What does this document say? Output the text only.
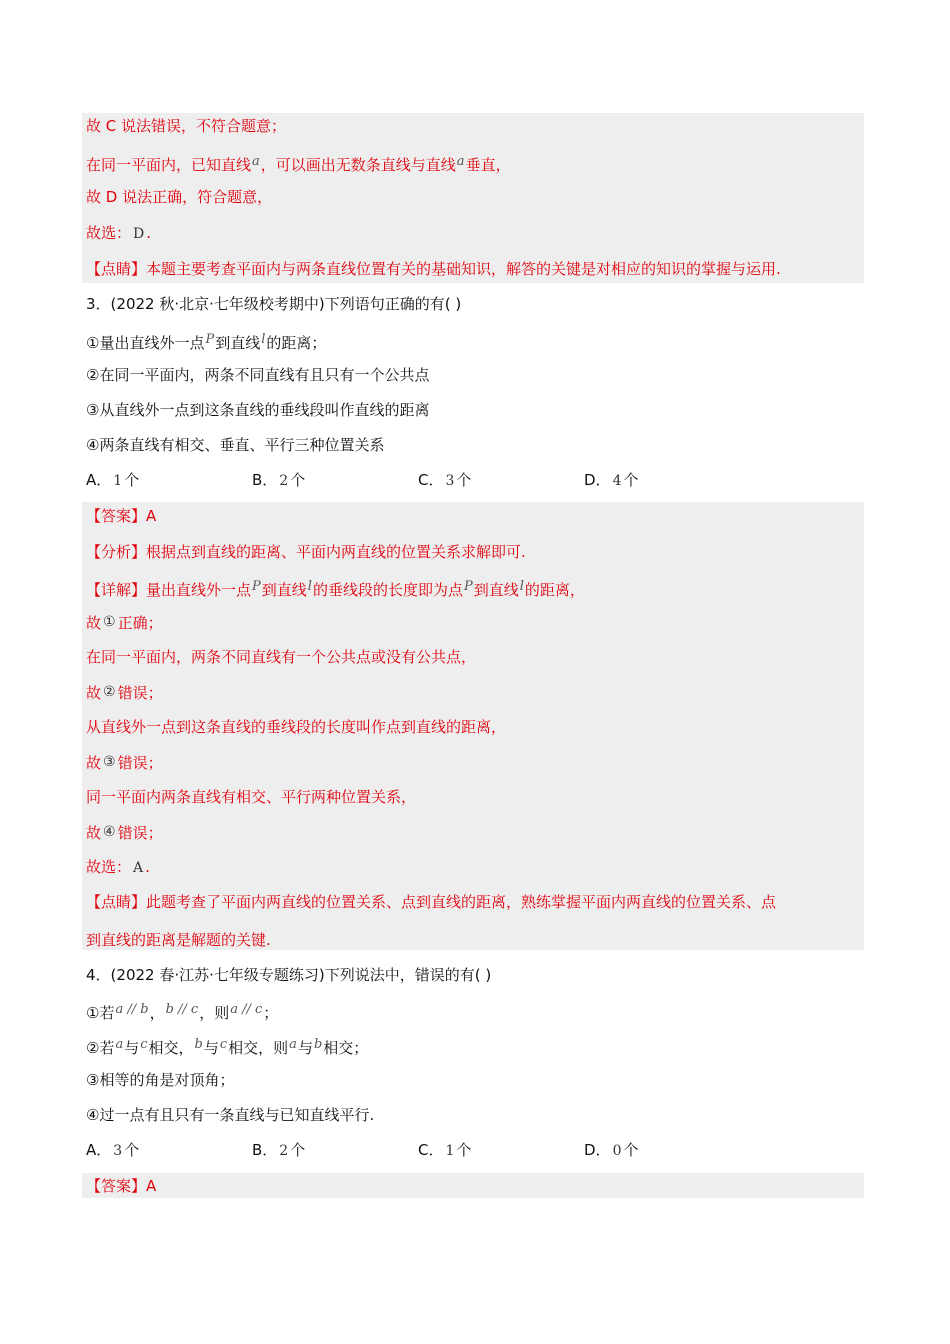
故 C 说法错误，不符合题意；
在同一平面内，已知直线a，可以画出无数条直线与直线a垂直，
故 D 说法正确，符合题意，
故选： D .
【点睛】本题主要考查平面内与两条直线位置有关的基础知识，解答的关键是对相应的知识的掌握与运用.
3．(2022 秋·北京·七年级校考期中)下列语句正确的有( )
①量出直线外一点P到直线l的距离；
②在同一平面内，两条不同直线有且只有一个公共点
③从直线外一点到这条直线的垂线段叫作直线的距离
④两条直线有相交、垂直、平行三种位置关系
A． 1 个	B． 2 个	C． 3 个	D． 4 个
【答案】A
【分析】根据点到直线的距离、平面内两直线的位置关系求解即可.
【详解】量出直线外一点P到直线l的垂线段的长度即为点P到直线l的距离，
故 ① 正确；
在同一平面内，两条不同直线有一个公共点或没有公共点，
故 ② 错误；
从直线外一点到这条直线的垂线段的长度叫作点到直线的距离，
故 ③ 错误；
同一平面内两条直线有相交、平行两种位置关系，
故 ④ 错误；
故选： A .
【点睛】此题考查了平面内两直线的位置关系、点到直线的距离，熟练掌握平面内两直线的位置关系、点
到直线的距离是解题的关键.
4．(2022 春·江苏·七年级专题练习)下列说法中，错误的有( )
①若a // b，b // c，则a // c；
②若a与c相交，b与c相交，则a与b相交；
③相等的角是对顶角；
④过一点有且只有一条直线与已知直线平行.
A． 3 个	B． 2 个	C． 1 个	D． 0 个
【答案】A
